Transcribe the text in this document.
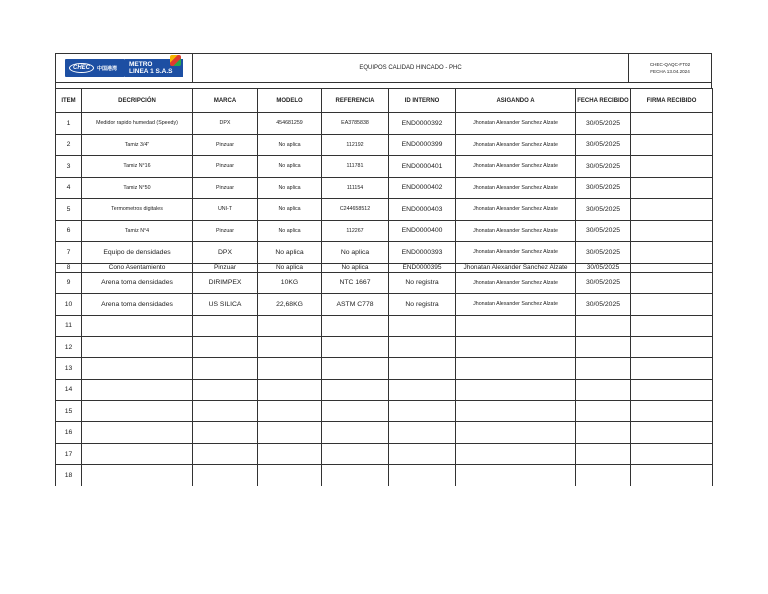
CHEC	中国港湾
METRO
LINEA 1 S.A.S	EQUIPOS CALIDAD HINCADO - PHC
CHEC-QAQC-FT02
FECHA 13.04.2024
ITEM	DECRIPCIÓN	MARCA	MODELO	REFERENCIA	ID INTERNO	ASIGANDO A	FECHA RECIBIDO	FIRMA RECIBIDO
1	Medidor rapido humedad (Speedy)	DPX	454681259	EA3785838	END0000392	Jhonatan Alexander Sanchez Alzate	30/05/2025	
2	Tamiz 3/4"	Pinzuar	No aplica	112192	END0000399	Jhonatan Alexander Sanchez Alzate	30/05/2025	
3	Tamiz N°16	Pinzuar	No aplica	111781	END0000401	Jhonatan Alexander Sanchez Alzate	30/05/2025	
4	Tamiz N°50	Pinzuar	No aplica	111154	END0000402	Jhonatan Alexander Sanchez Alzate	30/05/2025	
5	Termometros digitales	UNI-T	No aplica	C244658512	END0000403	Jhonatan Alexander Sanchez Alzate	30/05/2025	
6	Tamiz N°4	Pinzuar	No aplica	112267	END0000400	Jhonatan Alexander Sanchez Alzate	30/05/2025	
7	Equipo de densidades	DPX	No aplica	No aplica	END0000393	Jhonatan Alexander Sanchez Alzate	30/05/2025	
8	Cono Asentamiento	Pinzuar	No aplica	No aplica	END0000395	Jhonatan Alexander Sanchez Alzate	30/05/2025	
9	Arena toma densidades	DIRIMPEX	10KG	NTC 1667	No registra	Jhonatan Alexander Sanchez Alzate	30/05/2025	
10	Arena toma densidades	US SILICA	22,68KG	ASTM C778	No registra	Jhonatan Alexander Sanchez Alzate	30/05/2025	
11								
12								
13								
14								
15								
16								
17								
18								
